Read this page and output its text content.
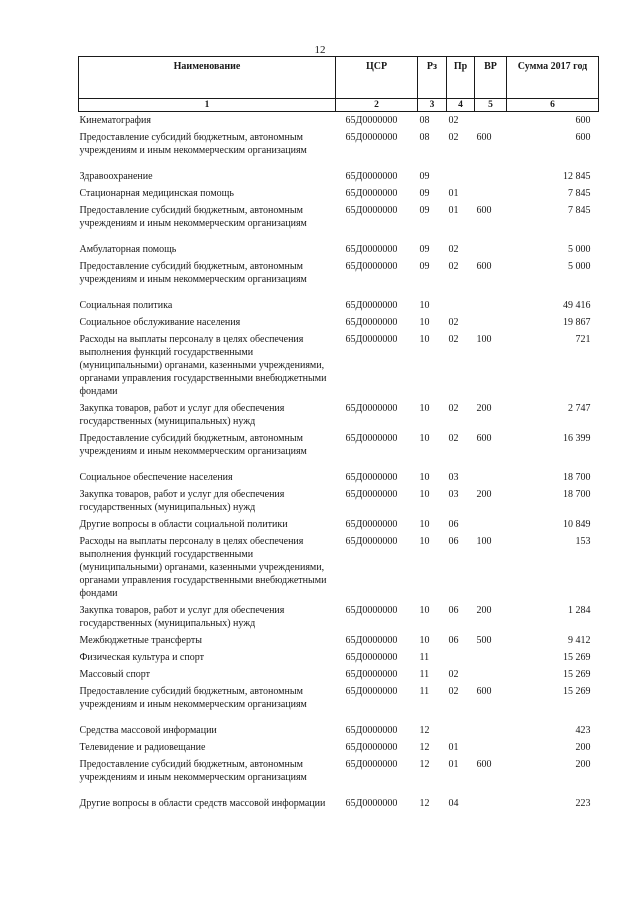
12
Наименование	ЦСР	Рз	Пр	ВР	Сумма 2017 год
1	2	3	4	5	6
Кинематография	65Д0000000	08	02		600
Предоставление субсидий бюджетным, автономным учреждениям и иным некоммерческим организациям	65Д0000000	08	02	600	600

Здравоохранение	65Д0000000	09			12 845
Стационарная медицинская помощь	65Д0000000	09	01		7 845
Предоставление субсидий бюджетным, автономным учреждениям и иным некоммерческим организациям	65Д0000000	09	01	600	7 845

Амбулаторная помощь	65Д0000000	09	02		5 000
Предоставление субсидий бюджетным, автономным учреждениям и иным некоммерческим организациям	65Д0000000	09	02	600	5 000

Социальная политика	65Д0000000	10			49 416
Социальное обслуживание населения	65Д0000000	10	02		19 867
Расходы на выплаты персоналу в целях обеспечения выполнения функций государственными (муниципальными) органами, казенными учреждениями, органами управления государственными внебюджетными фондами	65Д0000000	10	02	100	721
Закупка товаров, работ и услуг для обеспечения государственных (муниципальных) нужд	65Д0000000	10	02	200	2 747
Предоставление субсидий бюджетным, автономным учреждениям и иным некоммерческим организациям	65Д0000000	10	02	600	16 399

Социальное обеспечение населения	65Д0000000	10	03		18 700
Закупка товаров, работ и услуг для обеспечения государственных (муниципальных) нужд	65Д0000000	10	03	200	18 700
Другие вопросы в области социальной политики	65Д0000000	10	06		10 849
Расходы на выплаты персоналу в целях обеспечения выполнения функций государственными (муниципальными) органами, казенными учреждениями, органами управления государственными внебюджетными фондами	65Д0000000	10	06	100	153
Закупка товаров, работ и услуг для обеспечения государственных (муниципальных) нужд	65Д0000000	10	06	200	1 284
Межбюджетные трансферты	65Д0000000	10	06	500	9 412
Физическая культура и спорт	65Д0000000	11			15 269
Массовый спорт	65Д0000000	11	02		15 269
Предоставление субсидий бюджетным, автономным учреждениям и иным некоммерческим организациям	65Д0000000	11	02	600	15 269

Средства массовой информации	65Д0000000	12			423
Телевидение и радиовещание	65Д0000000	12	01		200
Предоставление субсидий бюджетным, автономным учреждениям и иным некоммерческим организациям	65Д0000000	12	01	600	200

Другие вопросы в области средств массовой информации	65Д0000000	12	04		223
